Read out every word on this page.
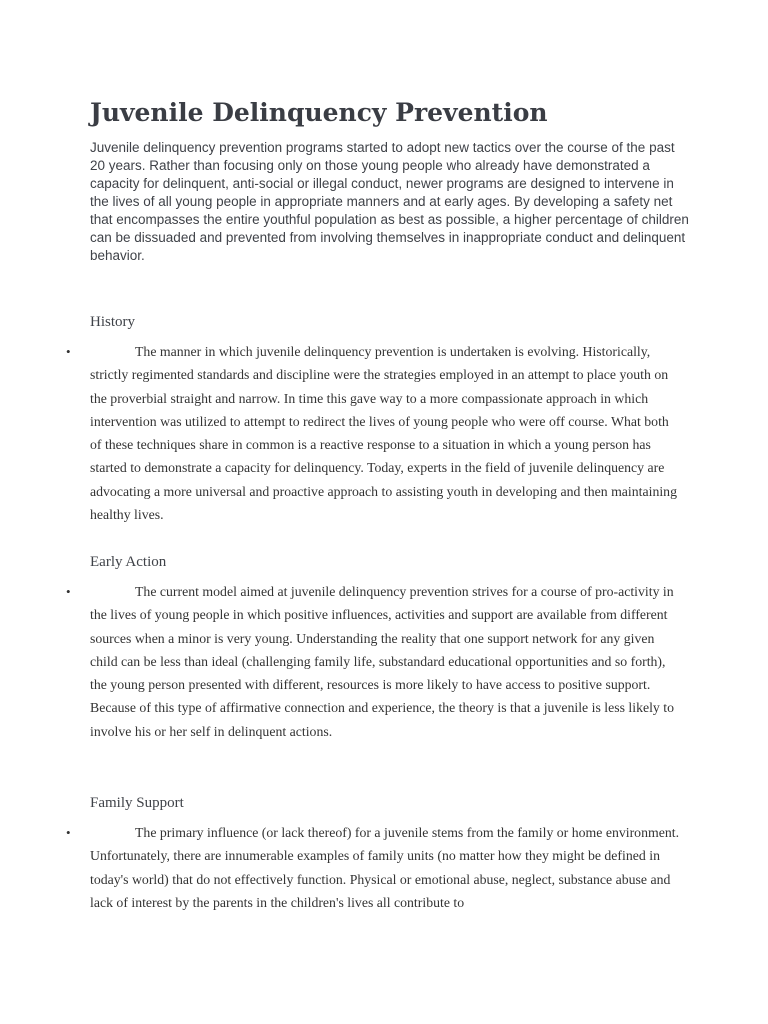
Juvenile Delinquency Prevention

Juvenile delinquency prevention programs started to adopt new tactics over the course of the past 20 years. Rather than focusing only on those young people who already have demonstrated a capacity for delinquent, anti-social or illegal conduct, newer programs are designed to intervene in the lives of all young people in appropriate manners and at early ages. By developing a safety net that encompasses the entire youthful population as best as possible, a higher percentage of children can be dissuaded and prevented from involving themselves in inappropriate conduct and delinquent behavior.

History
•	The manner in which juvenile delinquency prevention is undertaken is evolving. Historically, strictly regimented standards and discipline were the strategies employed in an attempt to place youth on the proverbial straight and narrow. In time this gave way to a more compassionate approach in which intervention was utilized to attempt to redirect the lives of young people who were off course. What both of these techniques share in common is a reactive response to a situation in which a young person has started to demonstrate a capacity for delinquency. Today, experts in the field of juvenile delinquency are advocating a more universal and proactive approach to assisting youth in developing and then maintaining healthy lives.

Early Action
•	The current model aimed at juvenile delinquency prevention strives for a course of pro-activity in the lives of young people in which positive influences, activities and support are available from different sources when a minor is very young. Understanding the reality that one support network for any given child can be less than ideal (challenging family life, substandard educational opportunities and so forth), the young person presented with different, resources is more likely to have access to positive support. Because of this type of affirmative connection and experience, the theory is that a juvenile is less likely to involve his or her self in delinquent actions.

Family Support
•	The primary influence (or lack thereof) for a juvenile stems from the family or home environment. Unfortunately, there are innumerable examples of family units (no matter how they might be defined in today's world) that do not effectively function. Physical or emotional abuse, neglect, substance abuse and lack of interest by the parents in the children's lives all contribute to
